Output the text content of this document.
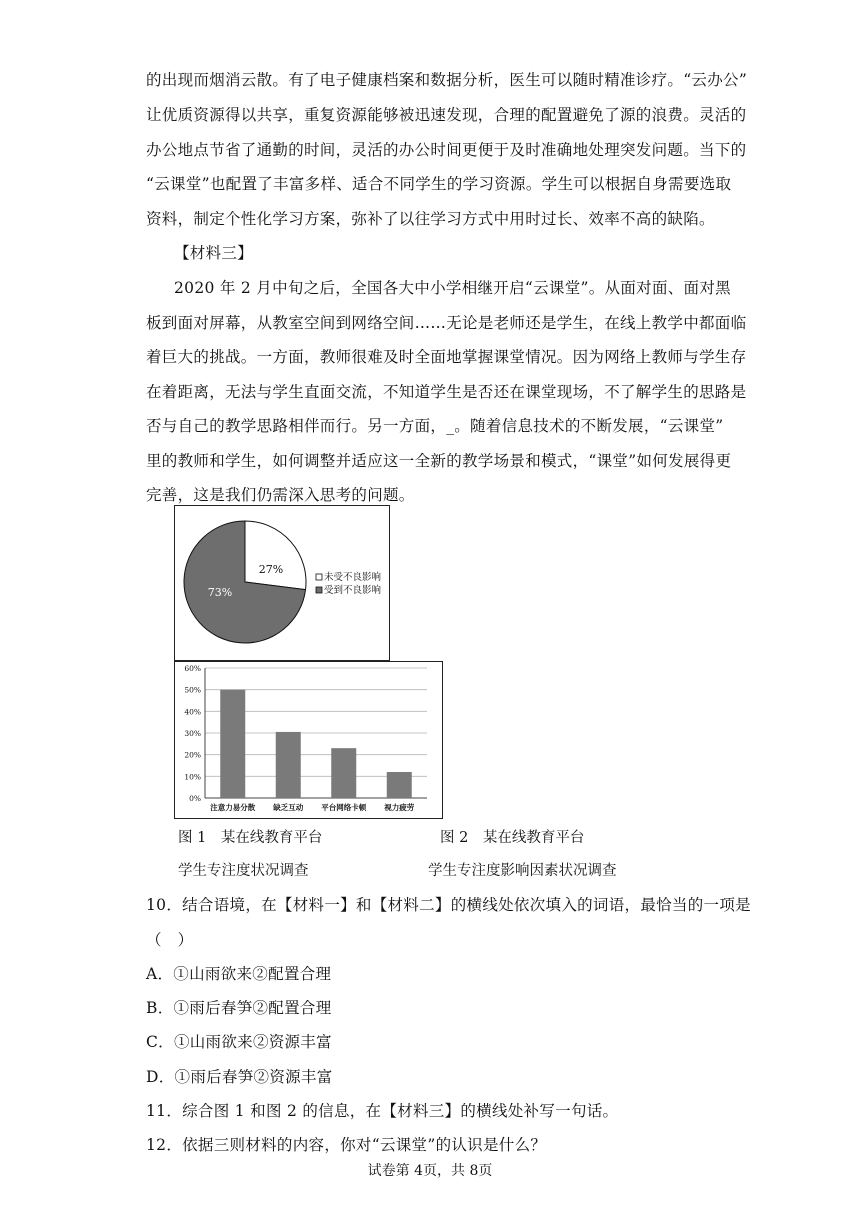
的出现而烟消云散。有了电子健康档案和数据分析，医生可以随时精准诊疗。“云办公”
让优质资源得以共享，重复资源能够被迅速发现，合理的配置避免了源的浪费。灵活的
办公地点节省了通勤的时间，灵活的办公时间更便于及时准确地处理突发问题。当下的
“云课堂”也配置了丰富多样、适合不同学生的学习资源。学生可以根据自身需要选取
资料，制定个性化学习方案，弥补了以往学习方式中用时过长、效率不高的缺陷。
【材料三】
2020 年 2 月中旬之后，全国各大中小学相继开启“云课堂”。从面对面、面对黑
板到面对屏幕，从教室空间到网络空间……无论是老师还是学生，在线上教学中都面临
着巨大的挑战。一方面，教师很难及时全面地掌握课堂情况。因为网络上教师与学生存
在着距离，无法与学生直面交流，不知道学生是否还在课堂现场，不了解学生的思路是
否与自己的教学思路相伴而行。另一方面，_。随着信息技术的不断发展，“云课堂”
里的教师和学生，如何调整并适应这一全新的教学场景和模式，“课堂”如何发展得更
完善，这是我们仍需深入思考的问题。
27%
73%
未受不良影响
受到不良影响
0%
10%
20%
30%
40%
50%
60%
注意力易分散 缺乏互动 平台网络卡顿 视力疲劳
图 1　某在线教育平台	图 2　某在线教育平台
学生专注度状况调查	学生专注度影响因素状况调查
10．结合语境，在【材料一】和【材料二】的横线处依次填入的词语，最恰当的一项是
（　）
A．①山雨欲来②配置合理
B．①雨后春笋②配置合理
C．①山雨欲来②资源丰富
D．①雨后春笋②资源丰富
11．综合图 1 和图 2 的信息，在【材料三】的横线处补写一句话。
12．依据三则材料的内容，你对“云课堂”的认识是什么？
试卷第 4页，共 8页
